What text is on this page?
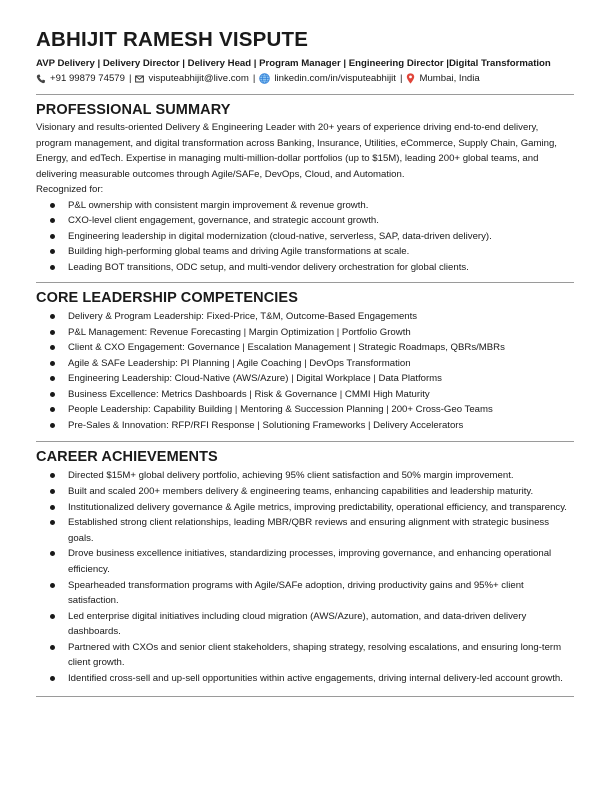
ABHIJIT RAMESH VISPUTE
AVP Delivery | Delivery Director | Delivery Head | Program Manager | Engineering Director |Digital Transformation
+91 99879 74579 | visputeabhijit@live.com | linkedin.com/in/visputeabhijit | Mumbai, India
PROFESSIONAL SUMMARY

Visionary and results-oriented Delivery & Engineering Leader with 20+ years of experience driving end-to-end delivery, program management, and digital transformation across Banking, Insurance, Utilities, eCommerce, Supply Chain, Gaming, Energy, and edTech. Expertise in managing multi-million-dollar portfolios (up to $15M), leading 200+ global teams, and delivering measurable outcomes through Agile/SAFe, DevOps, Cloud, and Automation.

Recognized for:

P&L ownership with consistent margin improvement & revenue growth.
CXO-level client engagement, governance, and strategic account growth.
Engineering leadership in digital modernization (cloud-native, serverless, SAP, data-driven delivery).
Building high-performing global teams and driving Agile transformations at scale.
Leading BOT transitions, ODC setup, and multi-vendor delivery orchestration for global clients.
CORE LEADERSHIP COMPETENCIES
Delivery & Program Leadership: Fixed-Price, T&M, Outcome-Based Engagements
P&L Management: Revenue Forecasting | Margin Optimization | Portfolio Growth
Client & CXO Engagement: Governance | Escalation Management | Strategic Roadmaps, QBRs/MBRs
Agile & SAFe Leadership: PI Planning | Agile Coaching | DevOps Transformation
Engineering Leadership: Cloud-Native (AWS/Azure) | Digital Workplace | Data Platforms
Business Excellence: Metrics Dashboards | Risk & Governance | CMMI High Maturity
People Leadership: Capability Building | Mentoring & Succession Planning | 200+ Cross-Geo Teams
Pre-Sales & Innovation: RFP/RFI Response | Solutioning Frameworks | Delivery Accelerators
CAREER ACHIEVEMENTS
Directed $15M+ global delivery portfolio, achieving 95% client satisfaction and 50% margin improvement.
Built and scaled 200+ members delivery & engineering teams, enhancing capabilities and leadership maturity.
Institutionalized delivery governance & Agile metrics, improving predictability, operational efficiency, and transparency.
Established strong client relationships, leading MBR/QBR reviews and ensuring alignment with strategic business goals.
Drove business excellence initiatives, standardizing processes, improving governance, and enhancing operational efficiency.
Spearheaded transformation programs with Agile/SAFe adoption, driving productivity gains and 95%+ client satisfaction.
Led enterprise digital initiatives including cloud migration (AWS/Azure), automation, and data-driven delivery dashboards.
Partnered with CXOs and senior client stakeholders, shaping strategy, resolving escalations, and ensuring long-term client growth.
Identified cross-sell and up-sell opportunities within active engagements, driving internal delivery-led account growth.
